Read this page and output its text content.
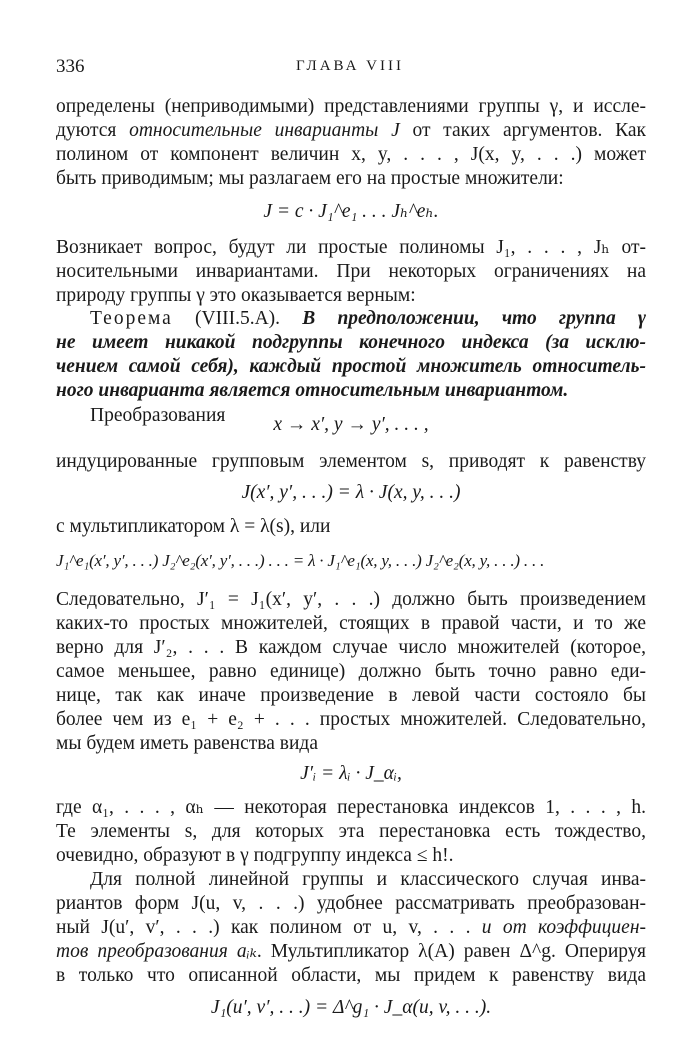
336	ГЛАВА VIII
определены (неприводимыми) представлениями группы γ, и иссле-
дуются относительные инварианты J от таких аргументов. Как
полином от компонент величин x, y, . . . , J(x, y, . . .) может
быть приводимым; мы разлагаем его на простые множители:
J = c · J₁^e₁ . . . Jₕ^eₕ.
Возникает вопрос, будут ли простые полиномы J₁, . . . , Jₕ от-
носительными инвариантами. При некоторых ограничениях на
природу группы γ это оказывается верным:
Теорема (VIII.5.A). В предположении, что группа γ
не имеет никакой подгруппы конечного индекса (за исклю-
чением самой себя), каждый простой множитель относитель-
ного инварианта является относительным инвариантом.
Преобразования	x → x′, y → y′, . . . ,
индуцированные групповым элементом s, приводят к равенству
J(x′, y′, . . .) = λ · J(x, y, . . .)
с мультипликатором λ = λ(s), или
J₁^e₁(x′, y′, . . .) J₂^e₂(x′, y′, . . .) . . . = λ · J₁^e₁(x, y, . . .) J₂^e₂(x, y, . . .) . . .
Следовательно, J′₁ = J₁(x′, y′, . . .) должно быть произведением
каких-то простых множителей, стоящих в правой части, и то же
верно для J′₂, . . . В каждом случае число множителей (которое,
самое меньшее, равно единице) должно быть точно равно еди-
нице, так как иначе произведение в левой части состояло бы
более чем из e₁ + e₂ + . . . простых множителей. Следовательно,
мы будем иметь равенства вида
J′ᵢ = λᵢ · J_αᵢ,
где α₁, . . . , αₕ — некоторая перестановка индексов 1, . . . , h.
Те элементы s, для которых эта перестановка есть тождество,
очевидно, образуют в γ подгруппу индекса ≤ h!.
Для полной линейной группы и классического случая инва-
риантов форм J(u, v, . . .) удобнее рассматривать преобразован-
ный J(u′, v′, . . .) как полином от u, v, . . . и от коэффициен-
тов преобразования aᵢₖ. Мультипликатор λ(A) равен Δ^g. Оперируя
в только что описанной области, мы придем к равенству вида
J₁(u′, v′, . . .) = Δ^g₁ · J_α(u, v, . . .).
